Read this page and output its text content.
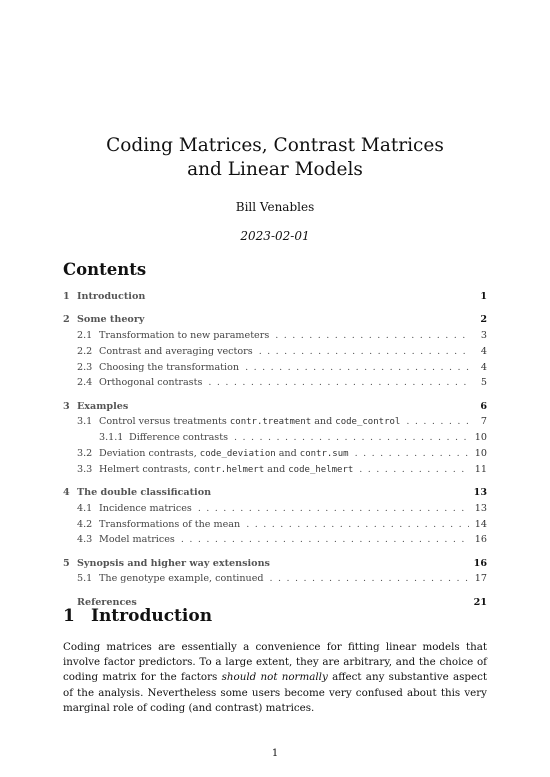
Coding Matrices, Contrast Matrices
and Linear Models
Bill Venables
2023-02-01
Contents
1 Introduction	1
2 Some theory	2
2.1 Transformation to new parameters . . .	3
2.2 Contrast and averaging vectors . . .	4
2.3 Choosing the transformation . . .	4
2.4 Orthogonal contrasts . . .	5
3 Examples	6
3.1 Control versus treatments contr.treatment and code_control . . .	7
3.1.1 Difference contrasts . . .	10
3.2 Deviation contrasts, code_deviation and contr.sum . . .	10
3.3 Helmert contrasts, contr.helmert and code_helmert . . .	11
4 The double classification	13
4.1 Incidence matrices . . .	13
4.2 Transformations of the mean . . .	14
4.3 Model matrices . . .	16
5 Synopsis and higher way extensions	16
5.1 The genotype example, continued . . .	17
References	21
1 Introduction
Coding matrices are essentially a convenience for fitting linear models that involve factor predictors. To a large extent, they are arbitrary, and the choice of coding matrix for the factors should not normally affect any substantive aspect of the analysis. Nevertheless some users become very confused about this very marginal role of coding (and contrast) matrices.
1
